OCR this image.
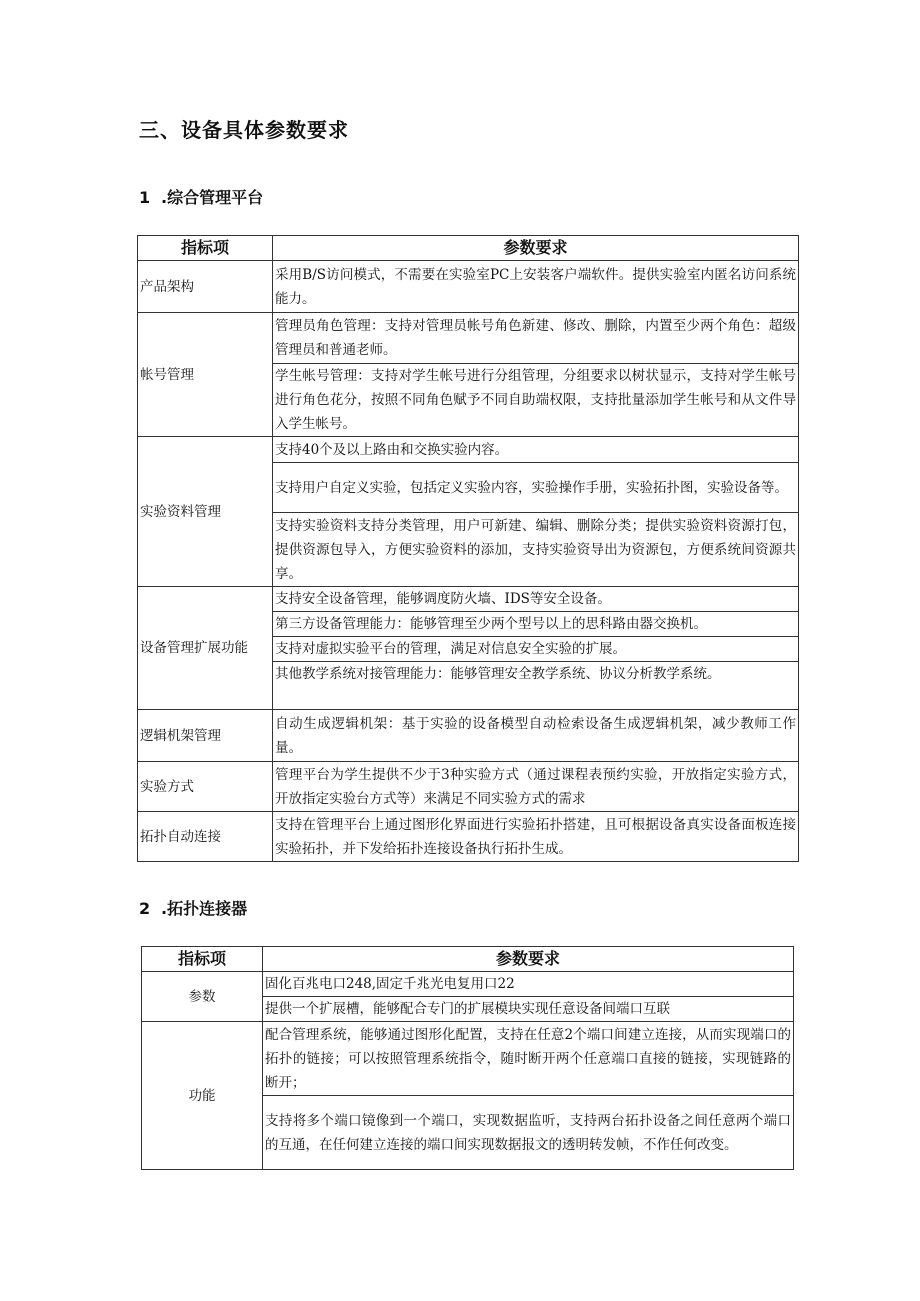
三、设备具体参数要求
1 .综合管理平台
指标项	参数要求
产品架构	采用B/S访问模式，不需要在实验室PC上安装客户端软件。提供实验室内匿名访问系统能力。
帐号管理	管理员角色管理：支持对管理员帐号角色新建、修改、删除，内置至少两个角色：超级管理员和普通老师。
	学生帐号管理：支持对学生帐号进行分组管理，分组要求以树状显示，支持对学生帐号进行角色花分，按照不同角色赋予不同自助端权限，支持批量添加学生帐号和从文件导入学生帐号。
实验资料管理	支持40个及以上路由和交换实验内容。
	支持用户自定义实验，包括定义实验内容，实验操作手册，实验拓扑图，实验设备等。
	支持实验资料支持分类管理，用户可新建、编辑、删除分类；提供实验资料资源打包，提供资源包导入，方便实验资料的添加，支持实验资导出为资源包，方便系统间资源共享。
设备管理扩展功能	支持安全设备管理，能够调度防火墙、IDS等安全设备。
	第三方设备管理能力：能够管理至少两个型号以上的思科路由器交换机。
	支持对虚拟实验平台的管理，满足对信息安全实验的扩展。
	其他教学系统对接管理能力：能够管理安全教学系统、协议分析教学系统。
逻辑机架管理	自动生成逻辑机架：基于实验的设备模型自动检索设备生成逻辑机架，减少教师工作量。
实验方式	管理平台为学生提供不少于3种实验方式（通过课程表预约实验，开放指定实验方式，开放指定实验台方式等）来满足不同实验方式的需求
拓扑自动连接	支持在管理平台上通过图形化界面进行实验拓扑搭建，且可根据设备真实设备面板连接实验拓扑，并下发给拓扑连接设备执行拓扑生成。
2 .拓扑连接器
指标项	参数要求
参数	固化百兆电口248,固定千兆光电复用口22
	提供一个扩展槽，能够配合专门的扩展模块实现任意设备间端口互联
功能	配合管理系统，能够通过图形化配置，支持在任意2个端口间建立连接，从而实现端口的拓扑的链接；可以按照管理系统指令，随时断开两个任意端口直接的链接，实现链路的断开；
	支持将多个端口镜像到一个端口，实现数据监听，支持两台拓扑设备之间任意两个端口的互通，在任何建立连接的端口间实现数据报文的透明转发帧，不作任何改变。
